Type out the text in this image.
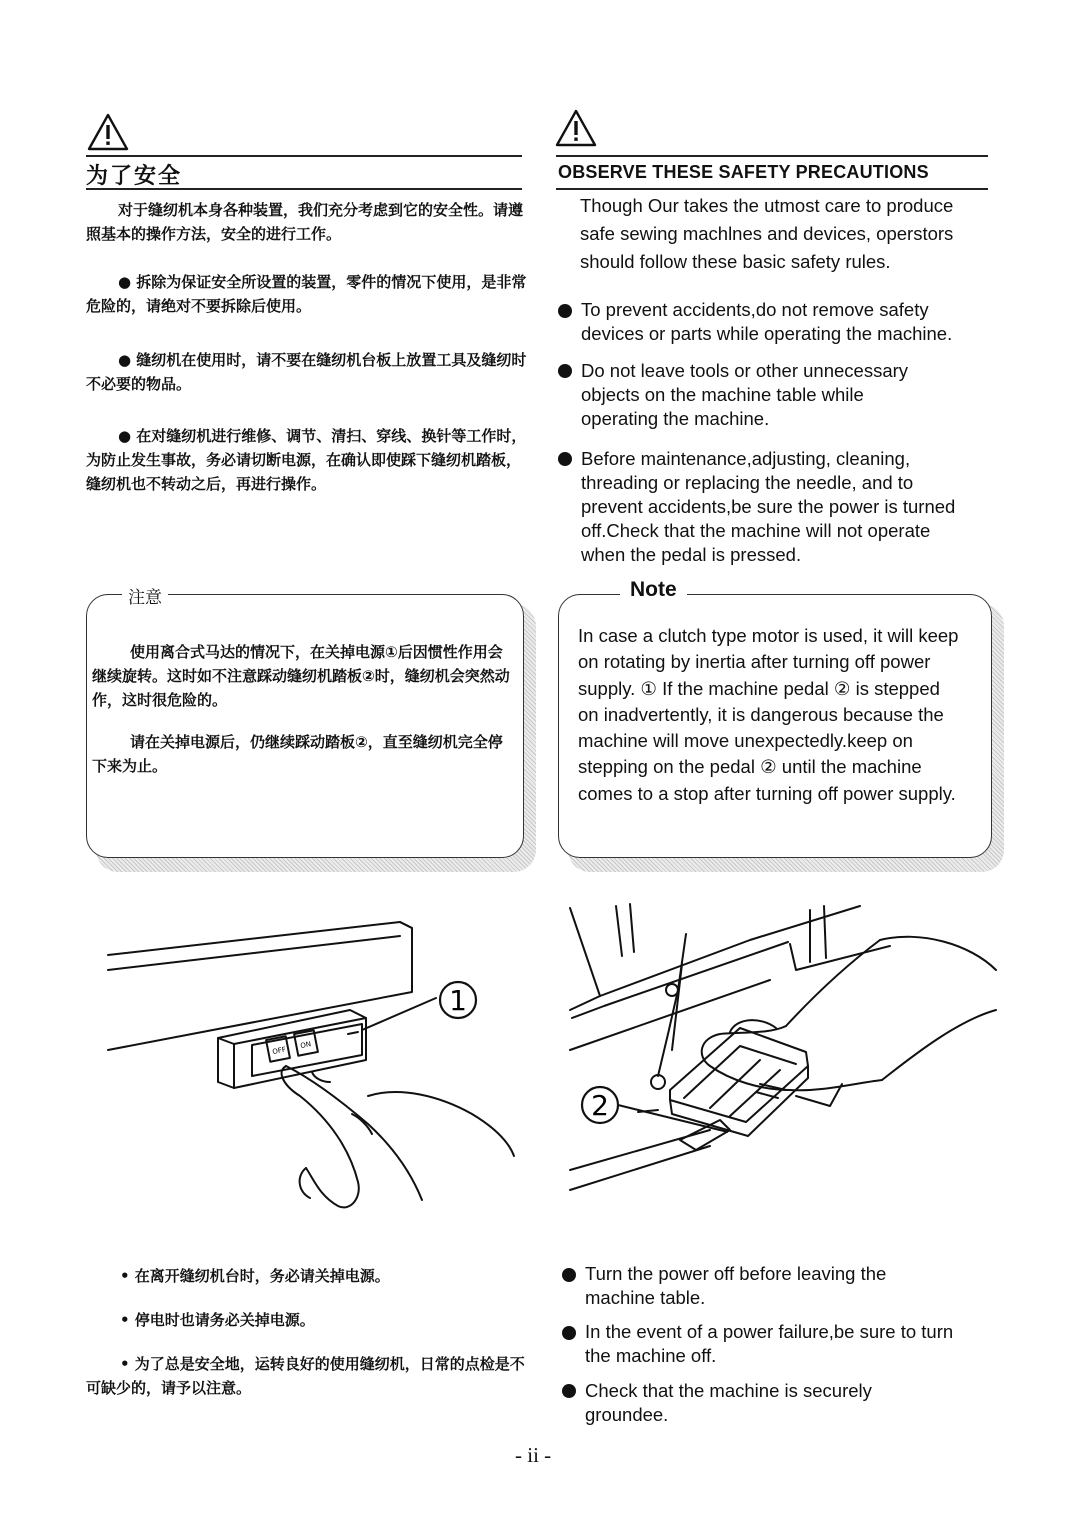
为了安全

对于缝纫机本身各种装置，我们充分考虑到它的安全性。请遵照基本的操作方法，安全的进行工作。

● 拆除为保证安全所设置的装置，零件的情况下使用，是非常危险的，请绝对不要拆除后使用。

● 缝纫机在使用时，请不要在缝纫机台板上放置工具及缝纫时不必要的物品。

● 在对缝纫机进行维修、调节、清扫、穿线、换针等工作时，为防止发生事故，务必请切断电源，在确认即使踩下缝纫机踏板，缝纫机也不转动之后，再进行操作。

注意

使用离合式马达的情况下，在关掉电源①后因惯性作用会继续旋转。这时如不注意踩动缝纫机踏板②时，缝纫机会突然动作，这时很危险的。

请在关掉电源后，仍继续踩动踏板②，直至缝纫机完全停下来为止。

OFF
ON
1

• 在离开缝纫机台时，务必请关掉电源。

• 停电时也请务必关掉电源。

• 为了总是安全地，运转良好的使用缝纫机，日常的点检是不可缺少的，请予以注意。

OBSERVE THESE SAFETY PRECAUTIONS

Though Our takes the utmost care to produce safe sewing machlnes and devices, operstors should follow these basic safety rules.

To prevent accidents,do not remove safety devices or parts while operating the machine.

Do not leave tools or other unnecessary objects on the machine table while operating the machine.

Before maintenance,adjusting, cleaning, threading or replacing the needle, and to prevent accidents,be sure the power is turned off.Check that the machine will not operate when the pedal is pressed.

Note

In case a clutch type motor is used, it will keep on rotating by inertia after turning off power supply. ① If the machine pedal ② is stepped on inadvertently, it is dangerous because the machine will move unexpectedly.keep on stepping on the pedal ② until the machine comes to a stop after turning off power supply.

2

Turn the power off before leaving the machine table.

In the event of a power failure,be sure to turn the machine off.

Check that the machine is securely groundee.

- ii -
